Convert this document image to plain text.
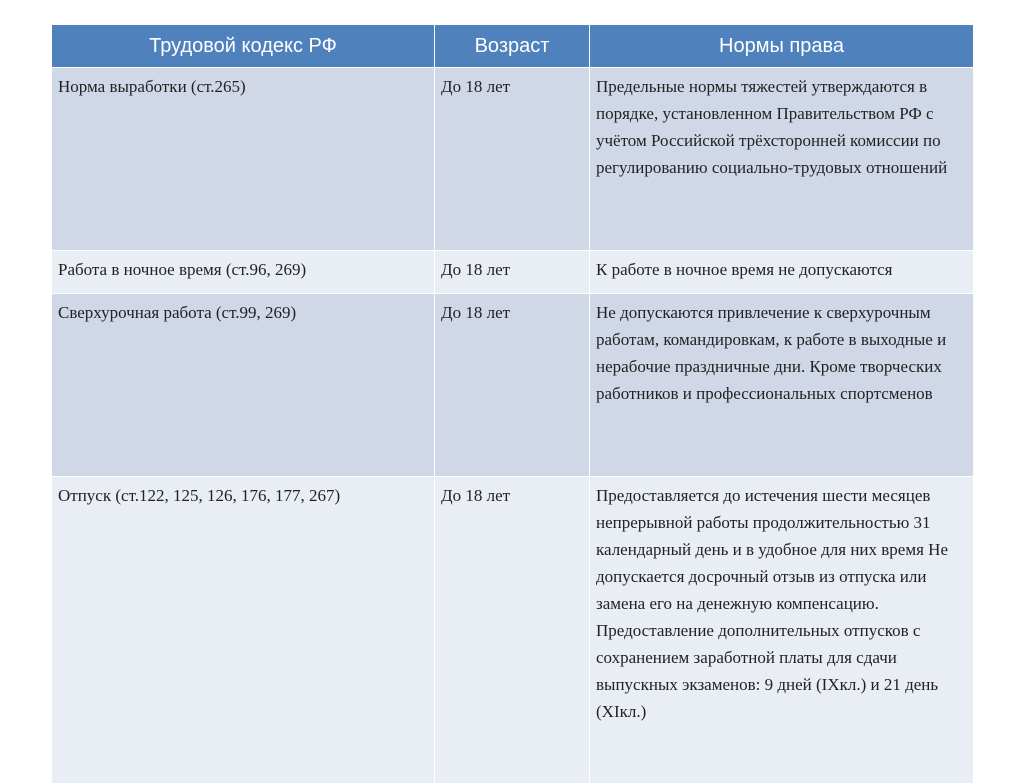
Трудовой кодекс РФ	Возраст	Нормы права
Норма выработки (ст.265)	До 18 лет	Предельные нормы тяжестей утверждаются в порядке, установленном Правительством РФ с учётом Российской трёхсторонней комиссии по регулированию социально-трудовых отношений
Работа в ночное время (ст.96, 269)	До 18 лет	К работе в ночное время не допускаются
Сверхурочная работа (ст.99, 269)	До 18 лет	Не допускаются привлечение к сверхурочным работам, командировкам, к работе в выходные и нерабочие праздничные дни. Кроме творческих работников и профессиональных спортсменов
Отпуск (ст.122, 125, 126, 176, 177, 267)	До 18 лет	Предоставляется до истечения шести месяцев непрерывной работы продолжительностью 31 календарный день и в удобное для них время Не допускается досрочный отзыв из отпуска или замена его на денежную компенсацию. Предоставление дополнительных отпусков с сохранением заработной платы для сдачи выпускных экзаменов: 9 дней (IXкл.) и 21 день (XIкл.)
